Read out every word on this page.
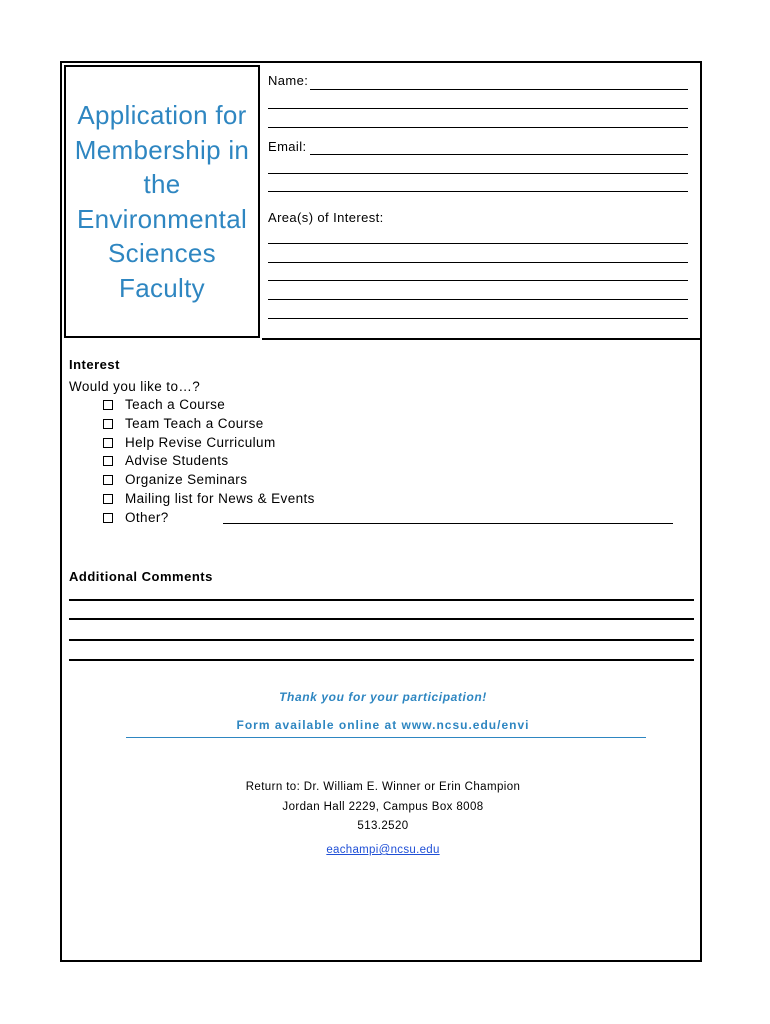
Application for
Membership in
the
Environmental
Sciences
Faculty
Name:
Email:
Area(s) of Interest:
Interest
Would you like to…?
Teach a Course
Team Teach a Course
Help Revise Curriculum
Advise Students
Organize Seminars
Mailing list for News & Events
Other?
Additional Comments
Thank you for your participation!
Form available online at www.ncsu.edu/envi
Return to: Dr. William E. Winner or Erin Champion
Jordan Hall 2229, Campus Box 8008
513.2520
eachampi@ncsu.edu
